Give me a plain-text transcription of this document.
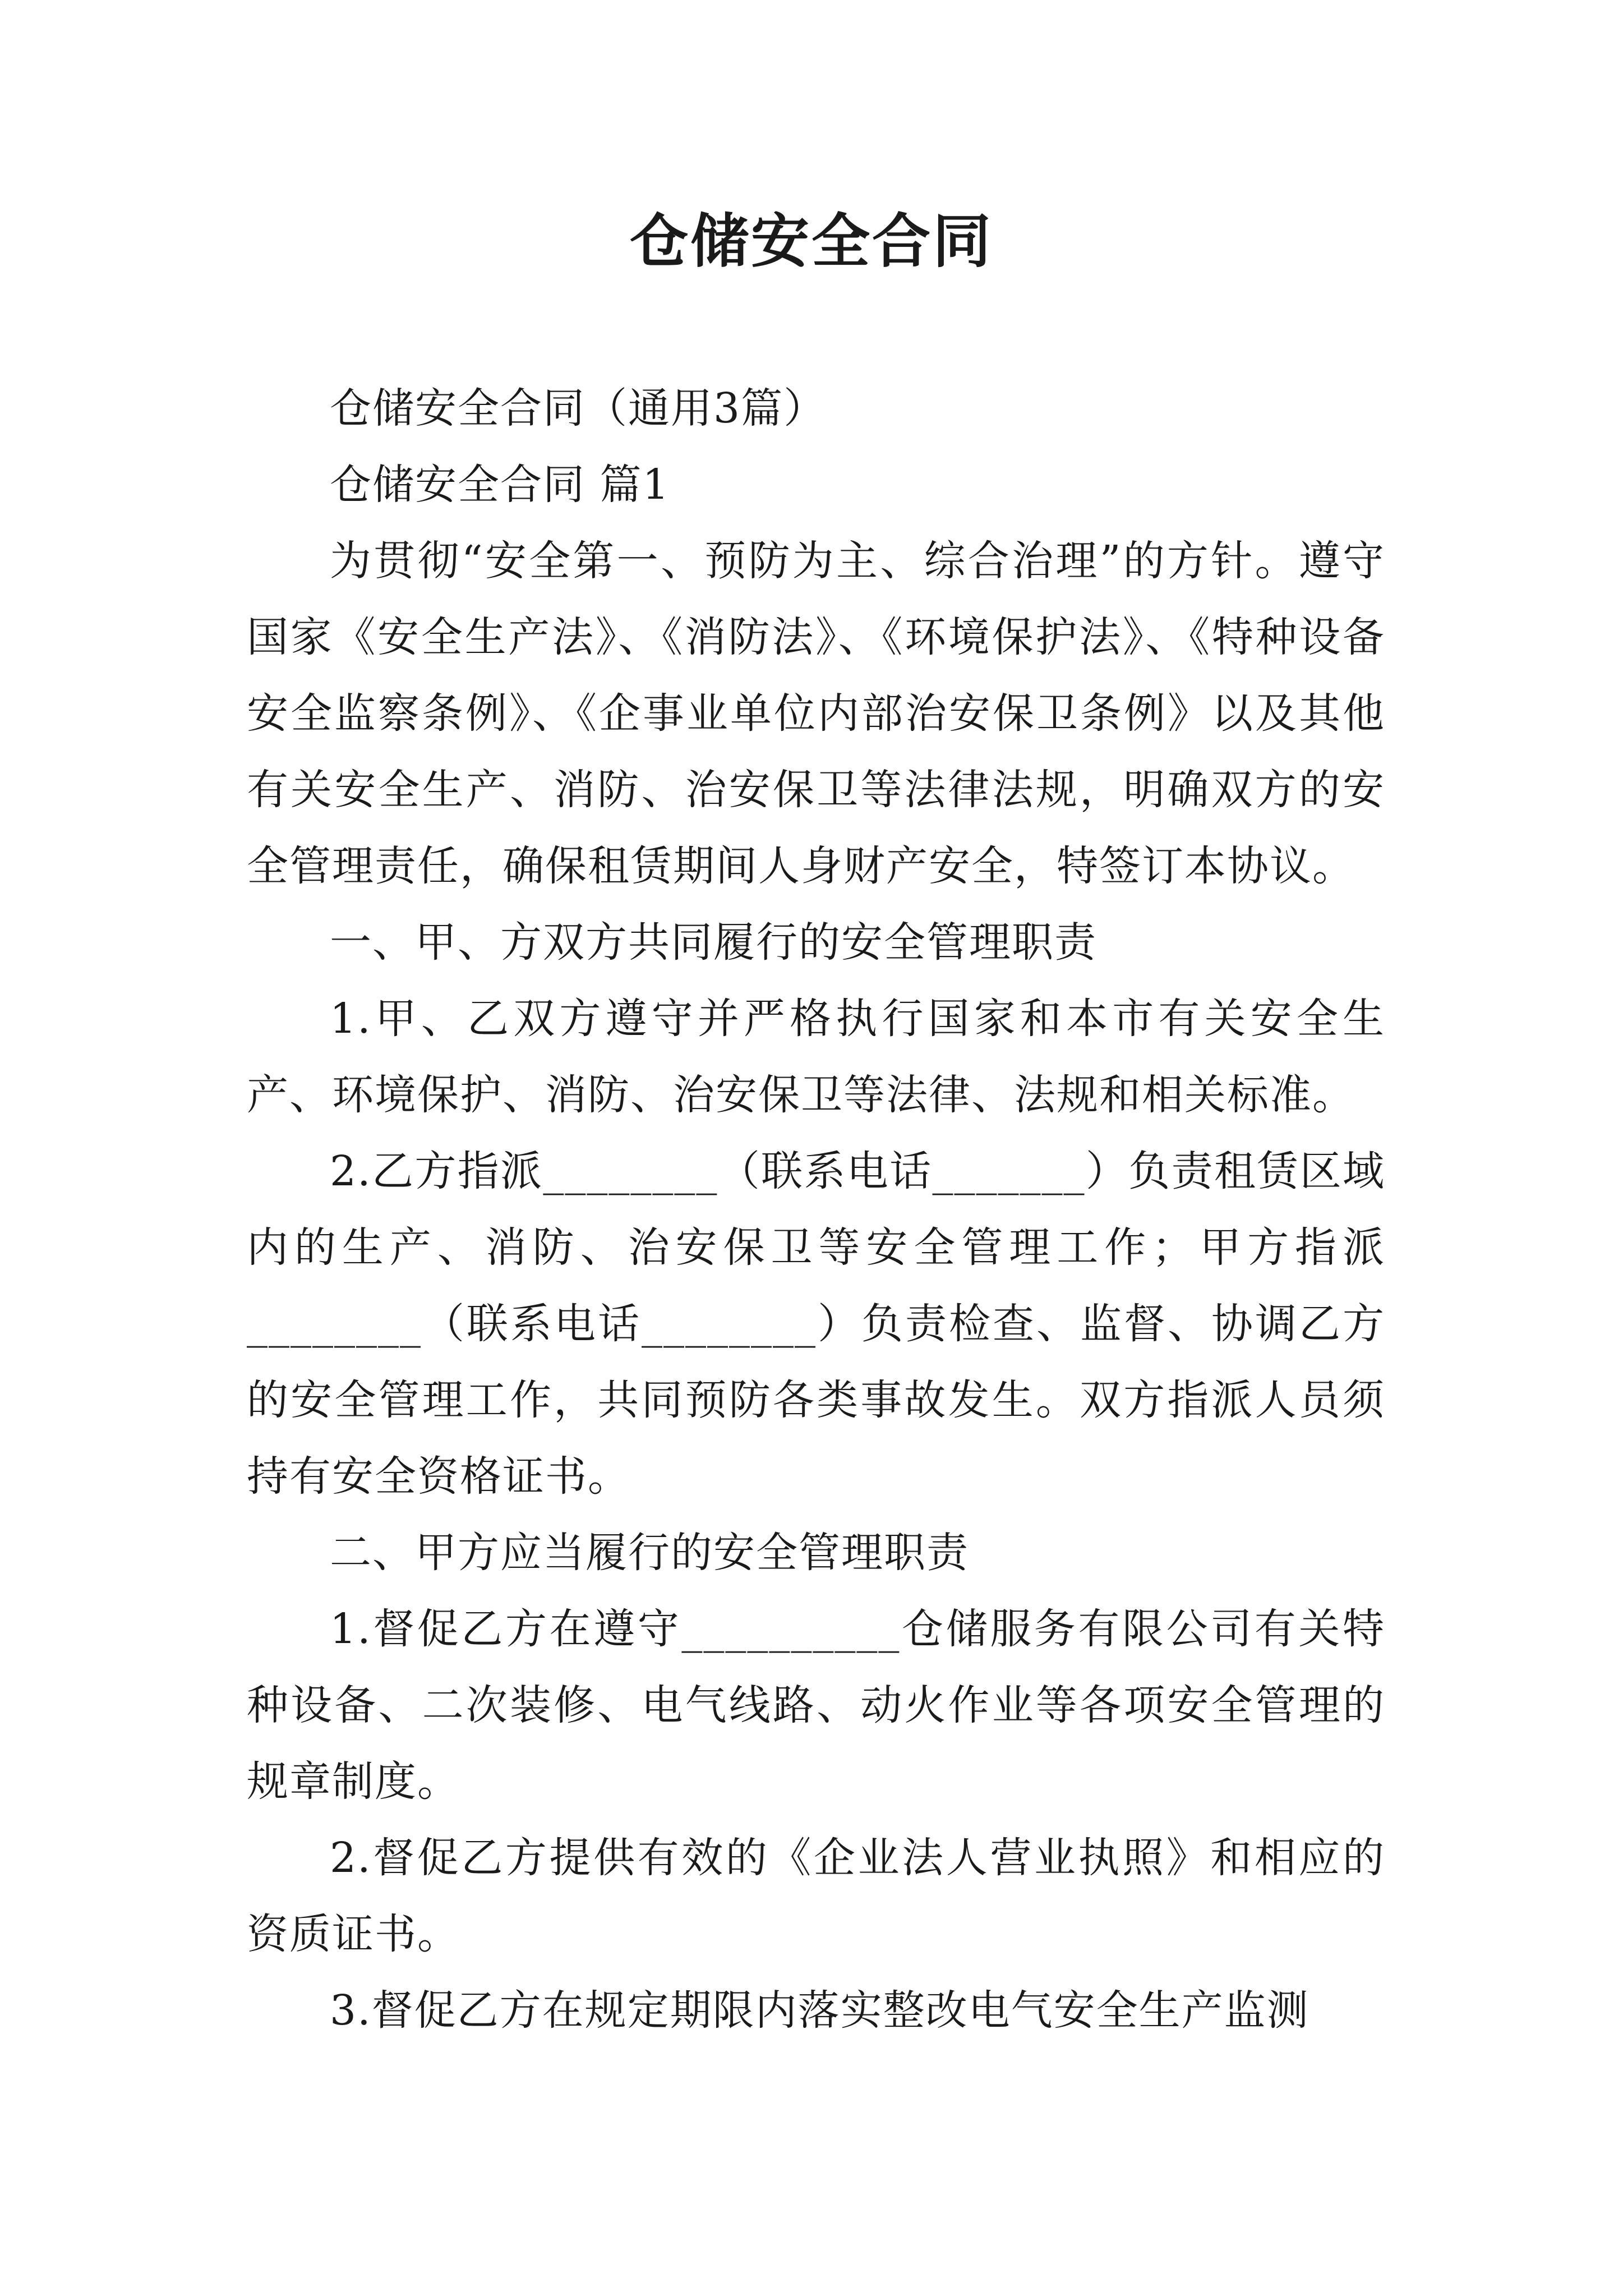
仓储安全合同

仓储安全合同（通用3篇）

仓储安全合同 篇1

为贯彻“安全第一、预防为主、综合治理”的方针。遵守国家《安全生产法》、《消防法》、《环境保护法》、《特种设备安全监察条例》、《企事业单位内部治安保卫条例》以及其他有关安全生产、消防、治安保卫等法律法规，明确双方的安全管理责任，确保租赁期间人身财产安全，特签订本协议。

一、甲、方双方共同履行的安全管理职责

1.甲、乙双方遵守并严格执行国家和本市有关安全生产、环境保护、消防、治安保卫等法律、法规和相关标准。

2.乙方指派________（联系电话_______）负责租赁区域内的生产、消防、治安保卫等安全管理工作；甲方指派________（联系电话________）负责检查、监督、协调乙方的安全管理工作，共同预防各类事故发生。双方指派人员须持有安全资格证书。

二、甲方应当履行的安全管理职责

1.督促乙方在遵守__________仓储服务有限公司有关特种设备、二次装修、电气线路、动火作业等各项安全管理的规章制度。

2.督促乙方提供有效的《企业法人营业执照》和相应的资质证书。

3.督促乙方在规定期限内落实整改电气安全生产监测
